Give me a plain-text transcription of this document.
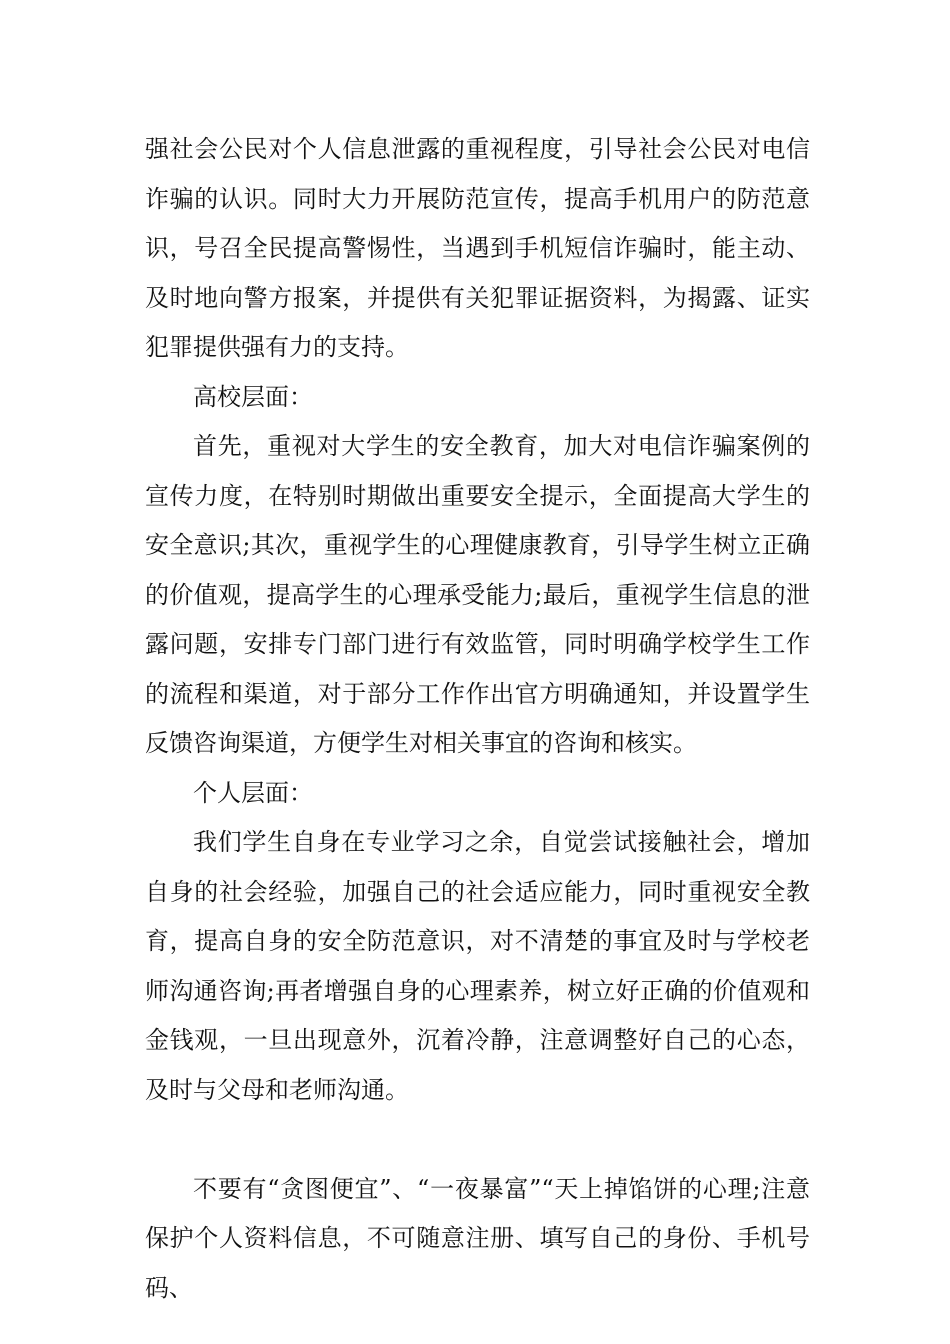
强社会公民对个人信息泄露的重视程度，引导社会公民对电信诈骗的认识。同时大力开展防范宣传，提高手机用户的防范意识，号召全民提高警惕性，当遇到手机短信诈骗时，能主动、及时地向警方报案，并提供有关犯罪证据资料，为揭露、证实犯罪提供强有力的支持。

高校层面：

首先，重视对大学生的安全教育，加大对电信诈骗案例的宣传力度，在特别时期做出重要安全提示，全面提高大学生的安全意识;其次，重视学生的心理健康教育，引导学生树立正确的价值观，提高学生的心理承受能力;最后，重视学生信息的泄露问题，安排专门部门进行有效监管，同时明确学校学生工作的流程和渠道，对于部分工作作出官方明确通知，并设置学生反馈咨询渠道，方便学生对相关事宜的咨询和核实。

个人层面：

我们学生自身在专业学习之余，自觉尝试接触社会，增加自身的社会经验，加强自己的社会适应能力，同时重视安全教育，提高自身的安全防范意识，对不清楚的事宜及时与学校老师沟通咨询;再者增强自身的心理素养，树立好正确的价值观和金钱观，一旦出现意外，沉着冷静，注意调整好自己的心态，及时与父母和老师沟通。

不要有“贪图便宜”、“一夜暴富”“天上掉馅饼的心理;注意保护个人资料信息，不可随意注册、填写自己的身份、手机号码、
